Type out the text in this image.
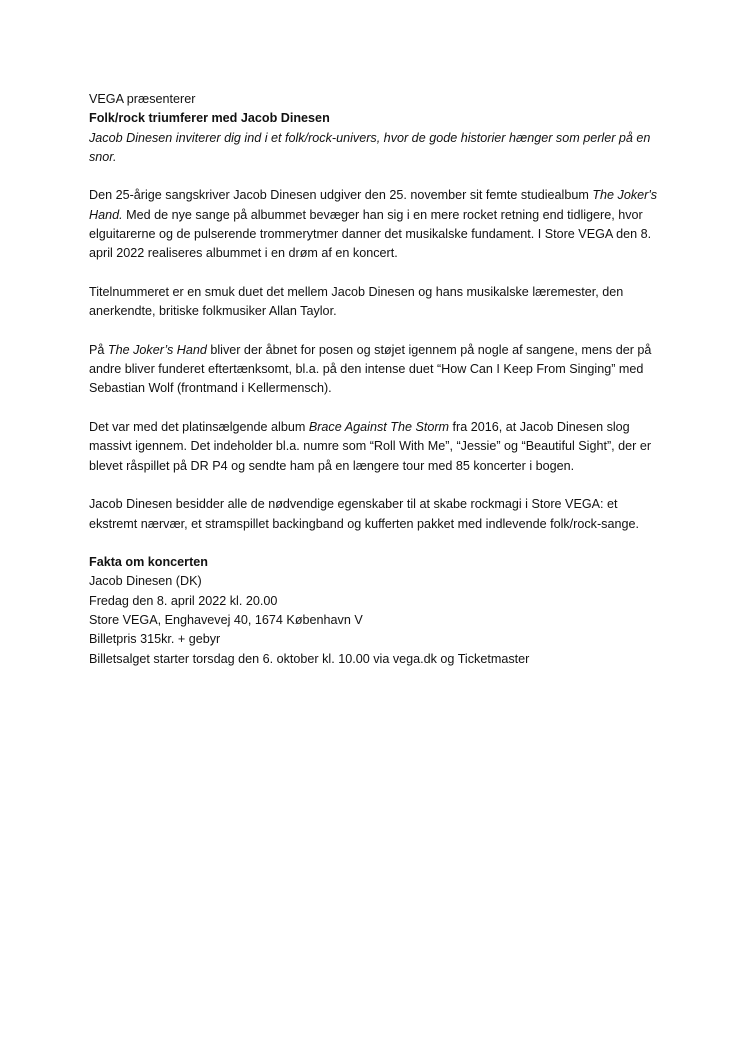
VEGA præsenterer

Folk/rock triumferer med Jacob Dinesen

Jacob Dinesen inviterer dig ind i et folk/rock-univers, hvor de gode historier hænger som perler på en snor.

Den 25-årige sangskriver Jacob Dinesen udgiver den 25. november sit femte studiealbum The Joker's Hand. Med de nye sange på albummet bevæger han sig i en mere rocket retning end tidligere, hvor elguitarerne og de pulserende trommerytmer danner det musikalske fundament. I Store VEGA den 8. april 2022 realiseres albummet i en drøm af en koncert.

Titelnummeret er en smuk duet det mellem Jacob Dinesen og hans musikalske læremester, den anerkendte, britiske folkmusiker Allan Taylor.

På The Joker’s Hand bliver der åbnet for posen og støjet igennem på nogle af sangene, mens der på andre bliver funderet eftertænksomt, bl.a. på den intense duet “How Can I Keep From Singing” med Sebastian Wolf (frontmand i Kellermensch).

Det var med det platinsælgende album Brace Against The Storm fra 2016, at Jacob Dinesen slog massivt igennem. Det indeholder bl.a. numre som “Roll With Me”, “Jessie” og “Beautiful Sight”, der er blevet råspillet på DR P4 og sendte ham på en længere tour med 85 koncerter i bogen.

Jacob Dinesen besidder alle de nødvendige egenskaber til at skabe rockmagi i Store VEGA: et ekstremt nærvær, et stramspillet backingband og kufferten pakket med indlevende folk/rock-sange.

Fakta om koncerten

Jacob Dinesen (DK)

Fredag den 8. april 2022 kl. 20.00

Store VEGA, Enghavevej 40, 1674 København V

Billetpris 315kr. + gebyr

Billetsalget starter torsdag den 6. oktober kl. 10.00 via vega.dk og Ticketmaster
